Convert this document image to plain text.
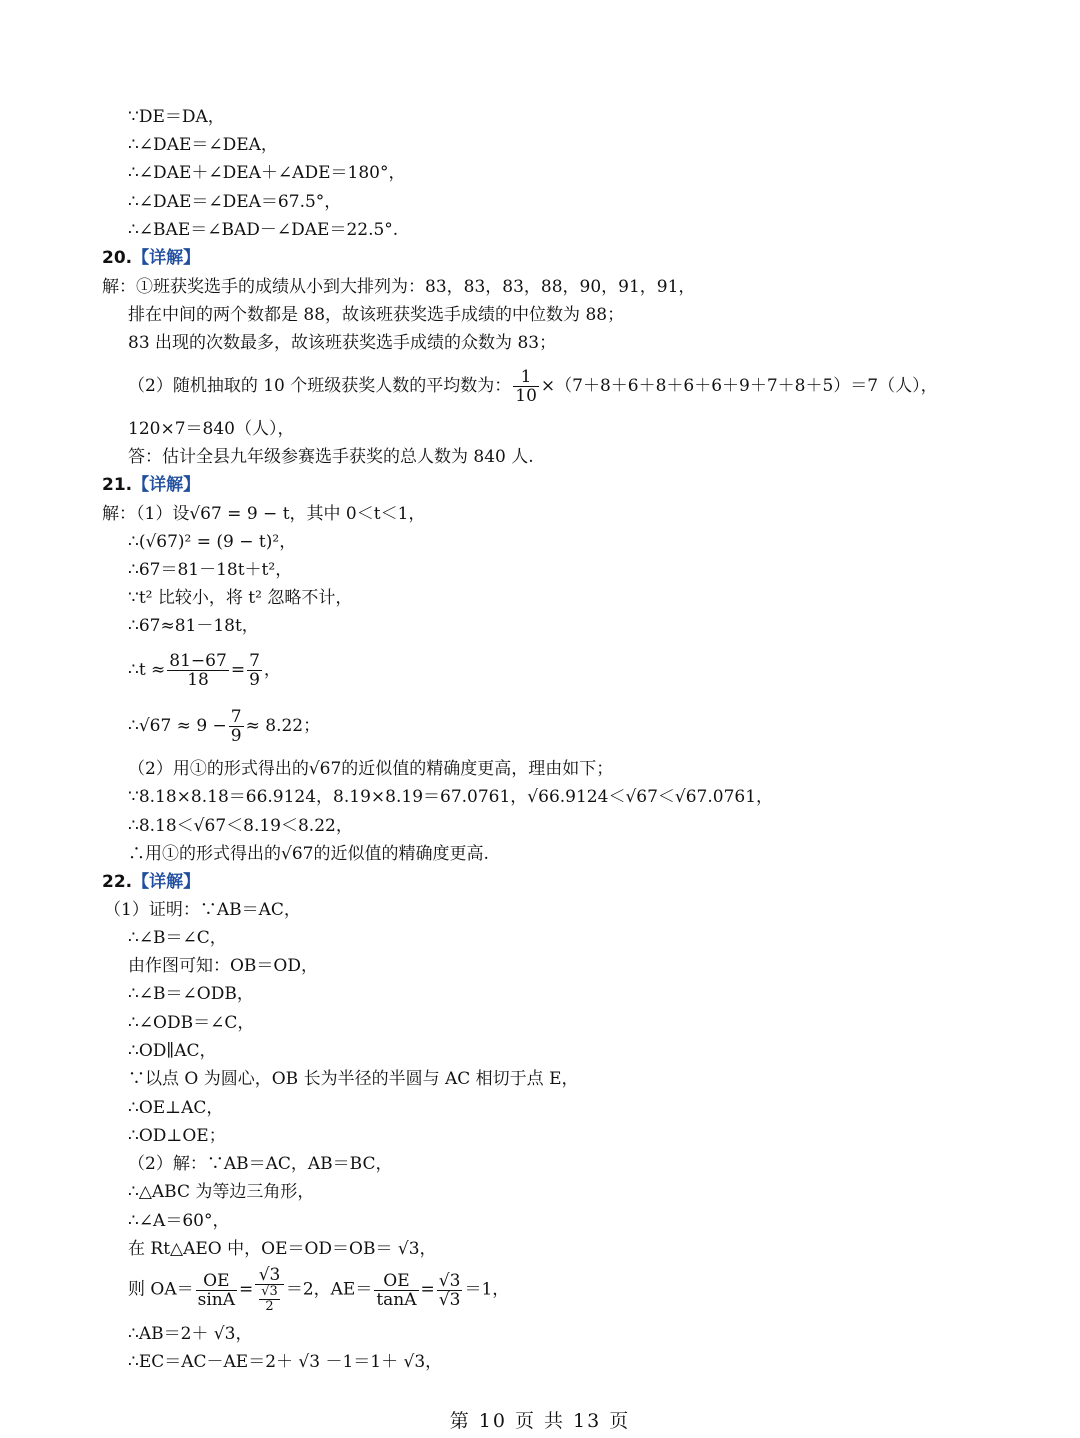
∵DE＝DA，
∴∠DAE＝∠DEA，
∴∠DAE＋∠DEA＋∠ADE＝180°，
∴∠DAE＝∠DEA＝67.5°，
∴∠BAE＝∠BAD－∠DAE＝22.5°.
20.【详解】
解：①班获奖选手的成绩从小到大排列为：83，83，83，88，90，91，91，
排在中间的两个数都是 88，故该班获奖选手成绩的中位数为 88；
83 出现的次数最多，故该班获奖选手成绩的众数为 83；
（2）随机抽取的 10 个班级获奖人数的平均数为： $\frac{1}{10} \times(7+8+6+8+6+6+9+7+8+5)=7$（人），
120×7＝840（人），
答：估计全县九年级参赛选手获奖的总人数为 840 人.
21.【详解】
解：（1）设√67 = 9 − t，其中 0＜t＜1，
∴(√67)² = (9 − t)²，
∴67＝81－18t＋t²，
∵t² 比较小，将 t² 忽略不计，
∴67≈81－18t，
∴t ≈ $\frac{81-67}{18} = \frac{7}{9}$ ，
∴√67 ≈ $9 - \frac{7}{9} \approx 8.22$；
（2）用①的形式得出的√67的近似值的精确度更高，理由如下；
∵8.18×8.18＝66.9124，8.19×8.19＝67.0761，√66.9124＜√67＜√67.0761，
∴8.18＜√67＜8.19＜8.22，
∴用①的形式得出的√67的近似值的精确度更高.
22.【详解】
（1）证明：∵AB＝AC，
∴∠B＝∠C，
由作图可知：OB＝OD，
∴∠B＝∠ODB，
∴∠ODB＝∠C，
∴OD∥AC，
∵以点 O 为圆心，OB 长为半径的半圆与 AC 相切于点 E，
∴OE⊥AC，
∴OD⊥OE；
（2）解：∵AB＝AC，AB＝BC，
∴△ABC 为等边三角形，
∴∠A＝60°，
在 Rt△AEO 中，OE＝OD＝OB＝ √3，
则 $OA= \frac{OE}{\sin A} = \frac{√3}{\frac{√3}{2}} =2$，$AE= \frac{OE}{\tan A} = \frac{√3}{√3} =1$，
∴AB＝2＋ √3，
∴EC＝AC－AE＝2＋ √3 －1＝1＋ √3，
第 10 页 共 13 页
